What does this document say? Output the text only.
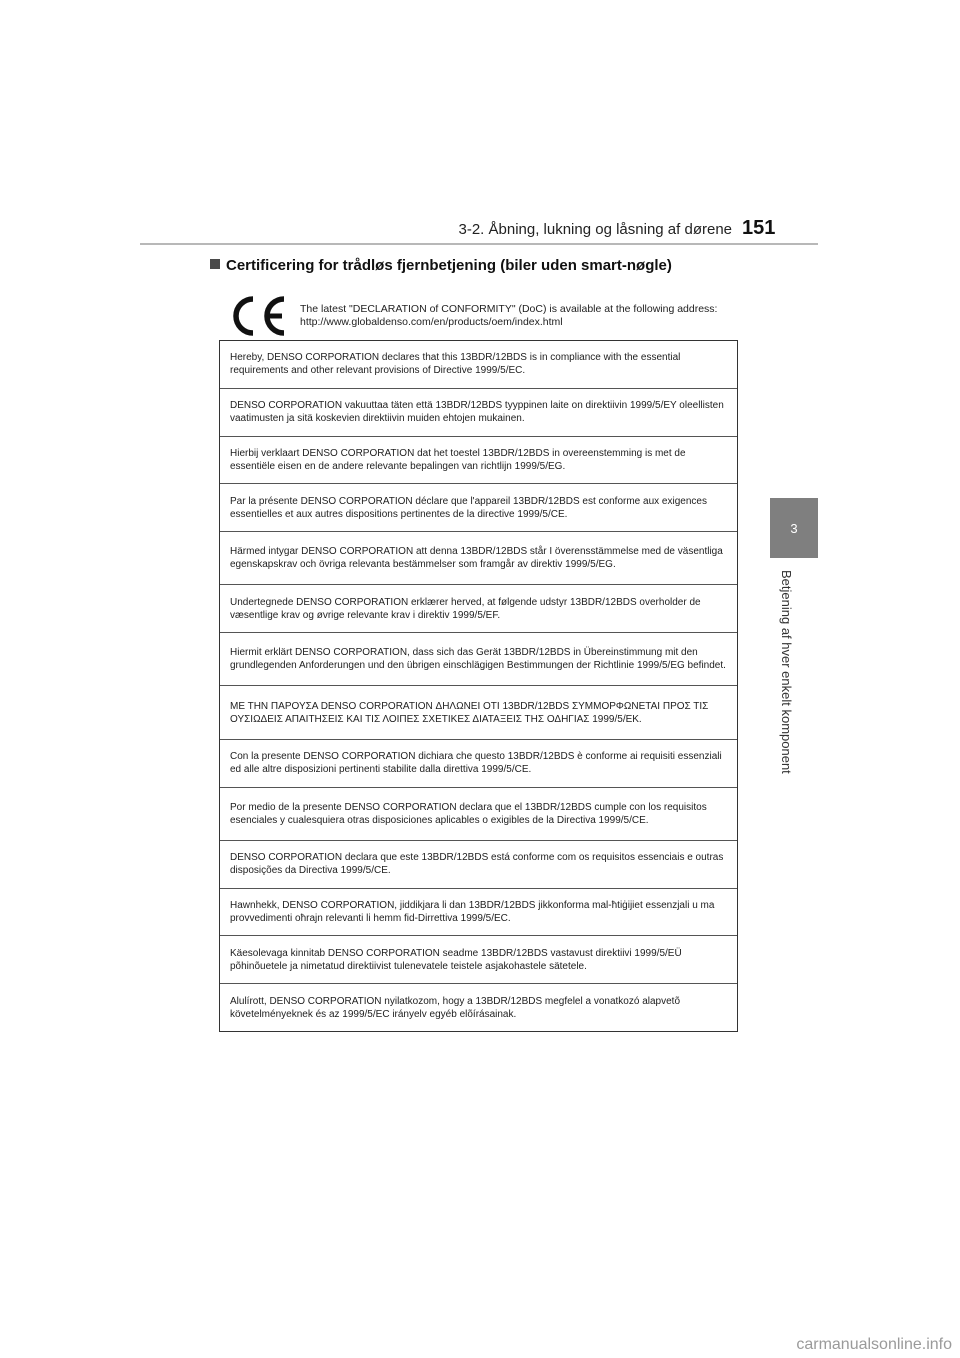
3-2. Åbning, lukning og låsning af dørene 151
3
Betjening af hver enkelt komponent
Certificering for trådløs fjernbetjening (biler uden smart-nøgle)
The latest "DECLARATION of CONFORMITY" (DoC) is available at the following address:
http://www.globaldenso.com/en/products/oem/index.html
Hereby, DENSO CORPORATION declares that this 13BDR/12BDS is in compliance with the essential requirements and other relevant provisions of Directive 1999/5/EC.
DENSO CORPORATION vakuuttaa täten että 13BDR/12BDS tyyppinen laite on direktiivin 1999/5/EY oleellisten vaatimusten ja sitä koskevien direktiivin muiden ehtojen mukainen.
Hierbij verklaart DENSO CORPORATION dat het toestel 13BDR/12BDS in overeenstemming is met de essentiële eisen en de andere relevante bepalingen van richtlijn 1999/5/EG.
Par la présente DENSO CORPORATION déclare que l'appareil 13BDR/12BDS est conforme aux exigences essentielles et aux autres dispositions pertinentes de la directive 1999/5/CE.
Härmed intygar DENSO CORPORATION att denna 13BDR/12BDS står I överensstämmelse med de väsentliga egenskapskrav och övriga relevanta bestämmelser som framgår av direktiv 1999/5/EG.
Undertegnede DENSO CORPORATION erklærer herved, at følgende udstyr 13BDR/12BDS overholder de væsentlige krav og øvrige relevante krav i direktiv 1999/5/EF.
Hiermit erklärt DENSO CORPORATION, dass sich das Gerät 13BDR/12BDS in Übereinstimmung mit den grundlegenden Anforderungen und den übrigen einschlägigen Bestimmungen der Richtlinie 1999/5/EG befindet.
ΜΕ ΤΗΝ ΠΑΡΟΥΣΑ DENSO CORPORATION ΔΗΛΩΝΕΙ ΟΤΙ 13BDR/12BDS ΣΥΜΜΟΡΦΩΝΕΤΑΙ ΠΡΟΣ ΤΙΣ ΟΥΣΙΩΔΕΙΣ ΑΠΑΙΤΗΣΕΙΣ ΚΑΙ ΤΙΣ ΛΟΙΠΕΣ ΣΧΕΤΙΚΕΣ ΔΙΑΤΑΞΕΙΣ ΤΗΣ ΟΔΗΓΙΑΣ 1999/5/ΕΚ.
Con la presente DENSO CORPORATION dichiara che questo 13BDR/12BDS è conforme ai requisiti essenziali ed alle altre disposizioni pertinenti stabilite dalla direttiva 1999/5/CE.
Por medio de la presente DENSO CORPORATION declara que el 13BDR/12BDS cumple con los requisitos esenciales y cualesquiera otras disposiciones aplicables o exigibles de la Directiva 1999/5/CE.
DENSO CORPORATION declara que este 13BDR/12BDS está conforme com os requisitos essenciais e outras disposições da Directiva 1999/5/CE.
Hawnhekk, DENSO CORPORATION, jiddikjara li dan 13BDR/12BDS jikkonforma mal-ħtiġijiet essenzjali u ma provvedimenti oħrajn relevanti li hemm fid-Dirrettiva 1999/5/EC.
Käesolevaga kinnitab DENSO CORPORATION seadme 13BDR/12BDS vastavust direktiivi 1999/5/EÜ põhinõuetele ja nimetatud direktiivist tulenevatele teistele asjakohastele sätetele.
Alulírott, DENSO CORPORATION nyilatkozom, hogy a 13BDR/12BDS megfelel a vonatkozó alapvetõ követelményeknek és az 1999/5/EC irányelv egyéb elõírásainak.
carmanualsonline.info
